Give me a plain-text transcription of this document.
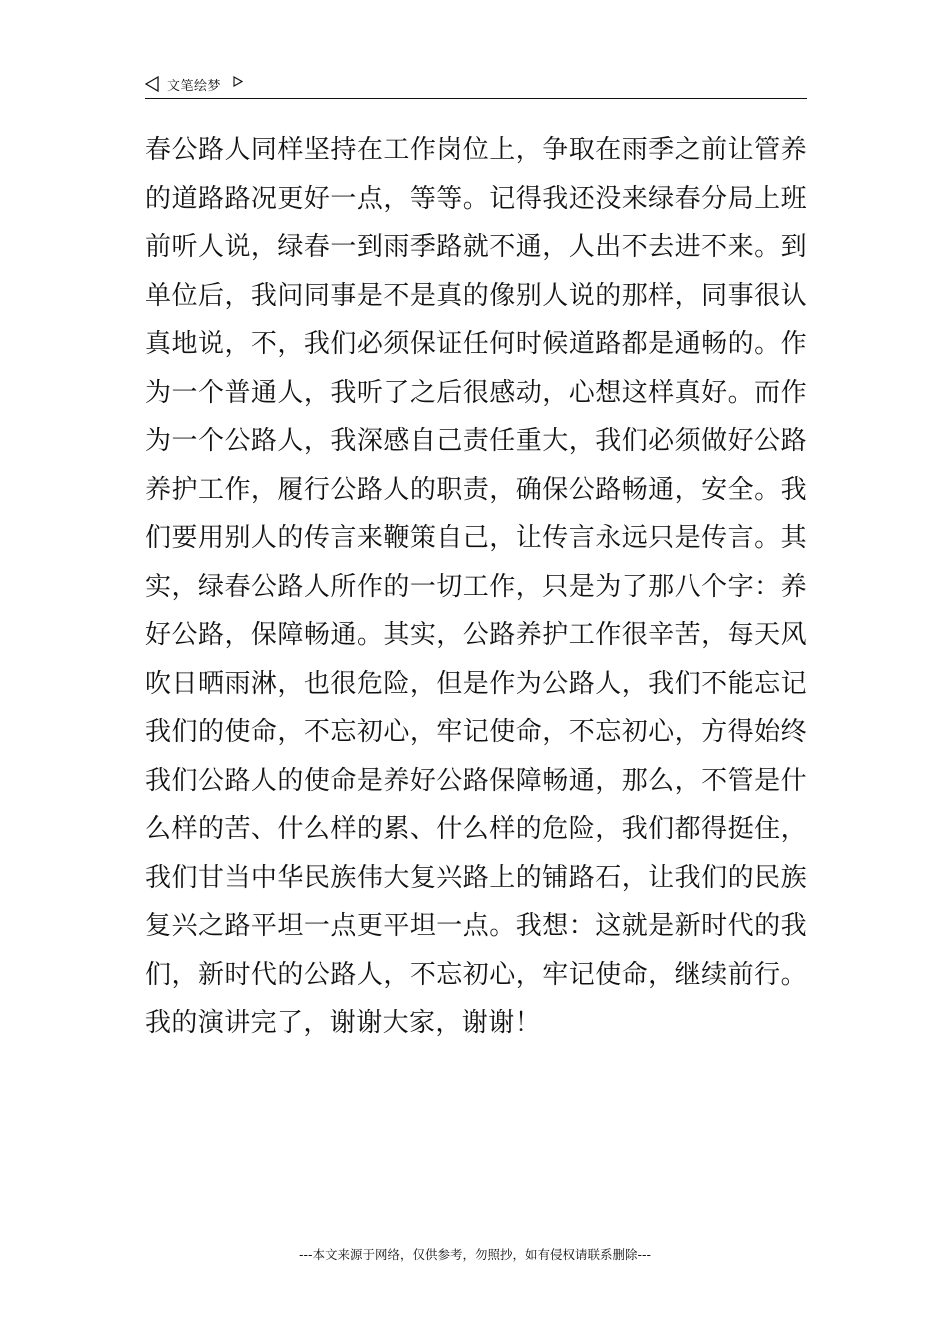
文笔绘梦
春公路人同样坚持在工作岗位上，争取在雨季之前让管养
的道路路况更好一点，等等。记得我还没来绿春分局上班
前听人说，绿春一到雨季路就不通，人出不去进不来。到
单位后，我问同事是不是真的像别人说的那样，同事很认
真地说，不，我们必须保证任何时候道路都是通畅的。作
为一个普通人，我听了之后很感动，心想这样真好。而作
为一个公路人，我深感自己责任重大，我们必须做好公路
养护工作，履行公路人的职责，确保公路畅通，安全。我
们要用别人的传言来鞭策自己，让传言永远只是传言。其
实，绿春公路人所作的一切工作，只是为了那八个字：养
好公路，保障畅通。其实，公路养护工作很辛苦，每天风
吹日晒雨淋，也很危险，但是作为公路人，我们不能忘记
我们的使命，不忘初心，牢记使命，不忘初心，方得始终
我们公路人的使命是养好公路保障畅通，那么，不管是什
么样的苦、什么样的累、什么样的危险，我们都得挺住，
我们甘当中华民族伟大复兴路上的铺路石，让我们的民族
复兴之路平坦一点更平坦一点。我想：这就是新时代的我
们，新时代的公路人，不忘初心，牢记使命，继续前行。
我的演讲完了，谢谢大家，谢谢！
---本文来源于网络，仅供参考，勿照抄，如有侵权请联系删除---
